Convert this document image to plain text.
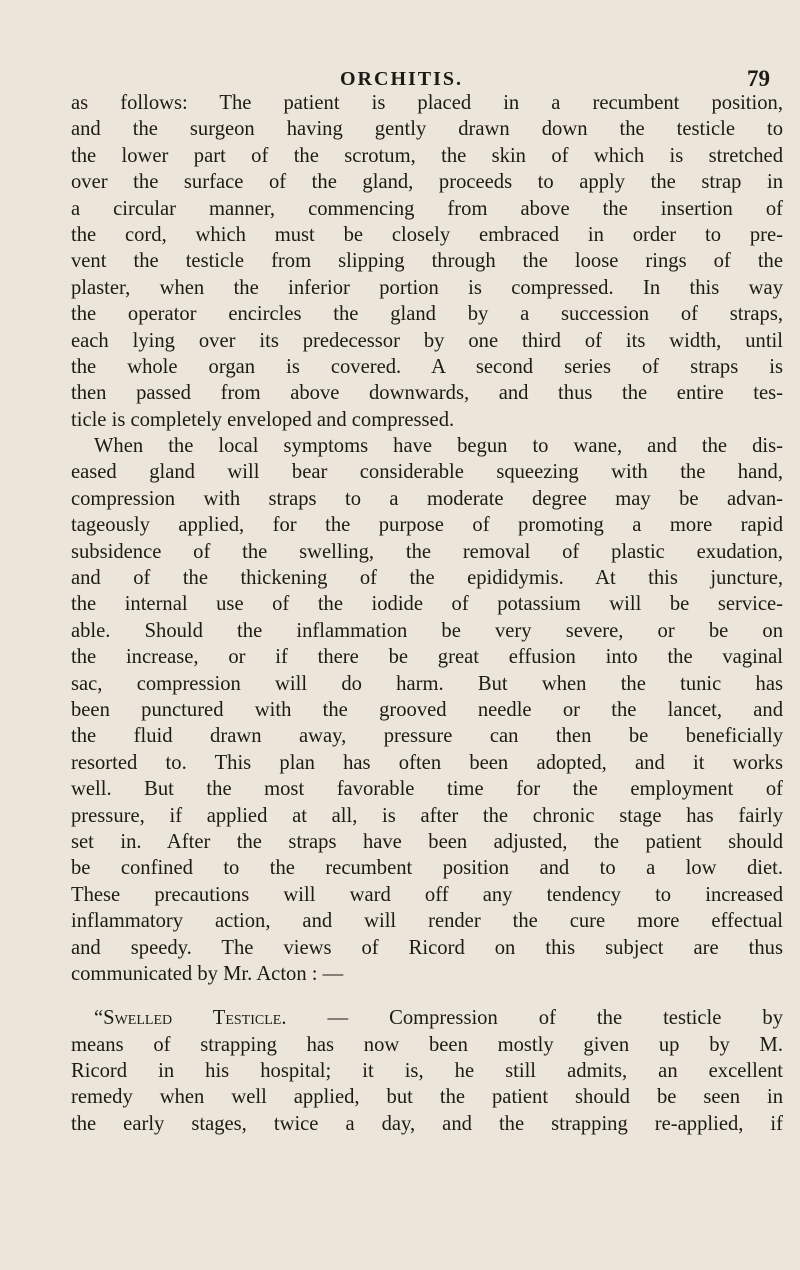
ORCHITIS.	79
as follows: The patient is placed in a recumbent position,
and the surgeon having gently drawn down the testicle to
the lower part of the scrotum, the skin of which is stretched
over the surface of the gland, proceeds to apply the strap in
a circular manner, commencing from above the insertion of
the cord, which must be closely embraced in order to pre-
vent the testicle from slipping through the loose rings of the
plaster, when the inferior portion is compressed. In this way
the operator encircles the gland by a succession of straps,
each lying over its predecessor by one third of its width, until
the whole organ is covered. A second series of straps is
then passed from above downwards, and thus the entire tes-
ticle is completely enveloped and compressed.
When the local symptoms have begun to wane, and the dis-
eased gland will bear considerable squeezing with the hand,
compression with straps to a moderate degree may be advan-
tageously applied, for the purpose of promoting a more rapid
subsidence of the swelling, the removal of plastic exudation,
and of the thickening of the epididymis. At this juncture,
the internal use of the iodide of potassium will be service-
able. Should the inflammation be very severe, or be on
the increase, or if there be great effusion into the vaginal
sac, compression will do harm. But when the tunic has
been punctured with the grooved needle or the lancet, and
the fluid drawn away, pressure can then be beneficially
resorted to. This plan has often been adopted, and it works
well. But the most favorable time for the employment of
pressure, if applied at all, is after the chronic stage has fairly
set in. After the straps have been adjusted, the patient should
be confined to the recumbent position and to a low diet.
These precautions will ward off any tendency to increased
inflammatory action, and will render the cure more effectual
and speedy. The views of Ricord on this subject are thus
communicated by Mr. Acton : —
“Swelled Testicle. — Compression of the testicle by
means of strapping has now been mostly given up by M.
Ricord in his hospital; it is, he still admits, an excellent
remedy when well applied, but the patient should be seen in
the early stages, twice a day, and the strapping re-applied, if
